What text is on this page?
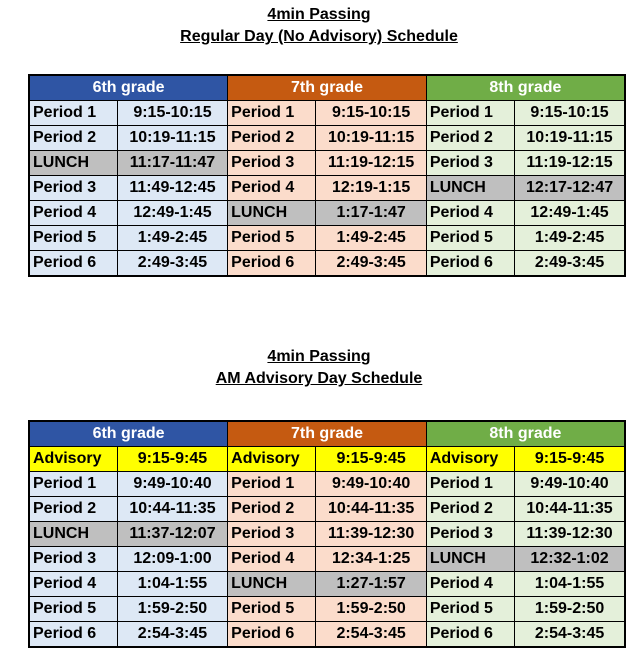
4min Passing
Regular Day (No Advisory) Schedule
6th grade		7th grade		8th grade	
Period 1	9:15-10:15	Period 1	9:15-10:15	Period 1	9:15-10:15
Period 2	10:19-11:15	Period 2	10:19-11:15	Period 2	10:19-11:15
LUNCH	11:17-11:47	Period 3	11:19-12:15	Period 3	11:19-12:15
Period 3	11:49-12:45	Period 4	12:19-1:15	LUNCH	12:17-12:47
Period 4	12:49-1:45	LUNCH	1:17-1:47	Period 4	12:49-1:45
Period 5	1:49-2:45	Period 5	1:49-2:45	Period 5	1:49-2:45
Period 6	2:49-3:45	Period 6	2:49-3:45	Period 6	2:49-3:45
4min Passing
AM Advisory Day Schedule
6th grade		7th grade		8th grade	
Advisory	9:15-9:45	Advisory	9:15-9:45	Advisory	9:15-9:45
Period 1	9:49-10:40	Period 1	9:49-10:40	Period 1	9:49-10:40
Period 2	10:44-11:35	Period 2	10:44-11:35	Period 2	10:44-11:35
LUNCH	11:37-12:07	Period 3	11:39-12:30	Period 3	11:39-12:30
Period 3	12:09-1:00	Period 4	12:34-1:25	LUNCH	12:32-1:02
Period 4	1:04-1:55	LUNCH	1:27-1:57	Period 4	1:04-1:55
Period 5	1:59-2:50	Period 5	1:59-2:50	Period 5	1:59-2:50
Period 6	2:54-3:45	Period 6	2:54-3:45	Period 6	2:54-3:45
